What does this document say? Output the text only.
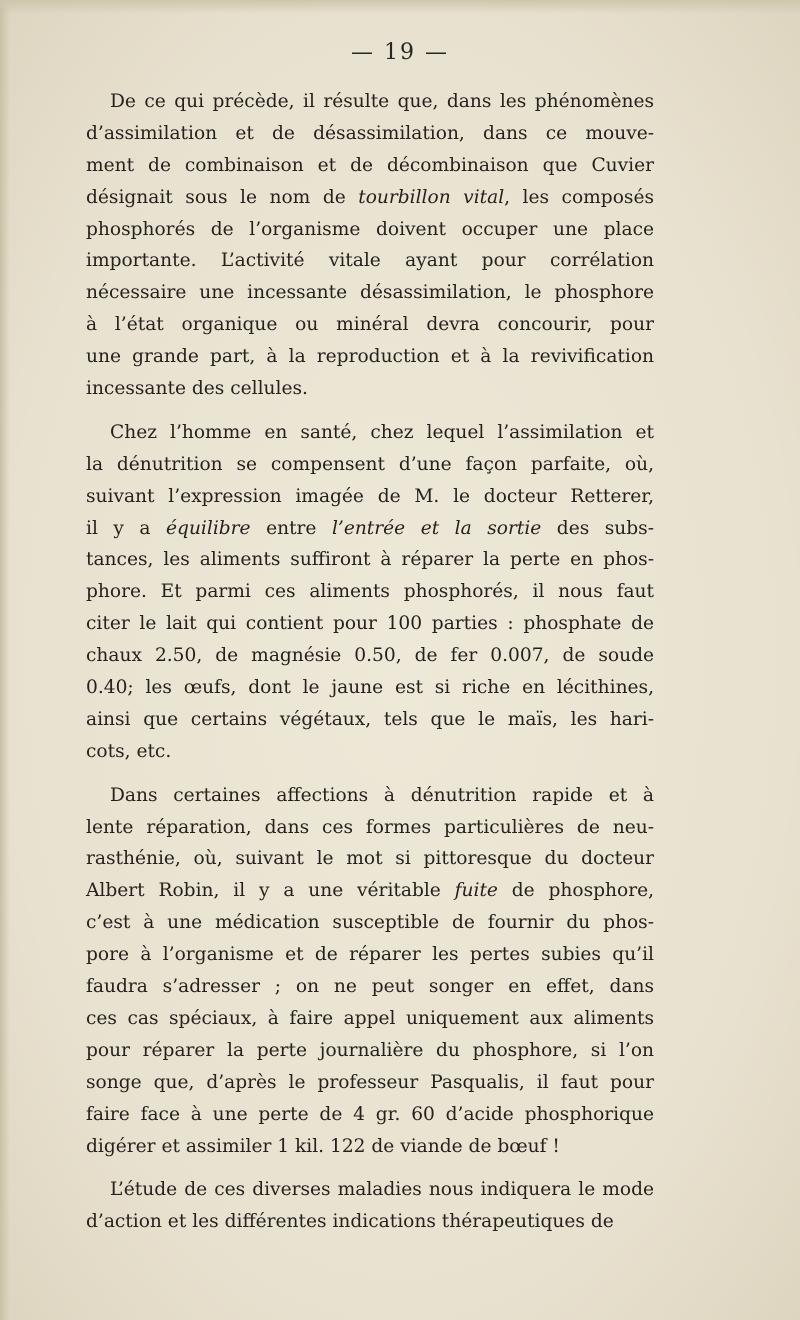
— 19 —
De ce qui précède, il résulte que, dans les phénomènes
d’assimilation et de désassimilation, dans ce mouve-
ment de combinaison et de décombinaison que Cuvier
désignait sous le nom de tourbillon vital, les composés
phosphorés de l’organisme doivent occuper une place
importante. L’activité vitale ayant pour corrélation
nécessaire une incessante désassimilation, le phosphore
à l’état organique ou minéral devra concourir, pour
une grande part, à la reproduction et à la revivification
incessante des cellules.
Chez l’homme en santé, chez lequel l’assimilation et
la dénutrition se compensent d’une façon parfaite, où,
suivant l’expression imagée de M. le docteur Retterer,
il y a équilibre entre l’entrée et la sortie des subs-
tances, les aliments suffiront à réparer la perte en phos-
phore. Et parmi ces aliments phosphorés, il nous faut
citer le lait qui contient pour 100 parties : phosphate de
chaux 2.50, de magnésie 0.50, de fer 0.007, de soude
0.40; les œufs, dont le jaune est si riche en lécithines,
ainsi que certains végétaux, tels que le maïs, les hari-
cots, etc.
Dans certaines affections à dénutrition rapide et à
lente réparation, dans ces formes particulières de neu-
rasthénie, où, suivant le mot si pittoresque du docteur
Albert Robin, il y a une véritable fuite de phosphore,
c’est à une médication susceptible de fournir du phos-
pore à l’organisme et de réparer les pertes subies qu’il
faudra s’adresser ; on ne peut songer en effet, dans
ces cas spéciaux, à faire appel uniquement aux aliments
pour réparer la perte journalière du phosphore, si l’on
songe que, d’après le professeur Pasqualis, il faut pour
faire face à une perte de 4 gr. 60 d’acide phosphorique
digérer et assimiler 1 kil. 122 de viande de bœuf !
L’étude de ces diverses maladies nous indiquera le mode
d’action et les différentes indications thérapeutiques de
